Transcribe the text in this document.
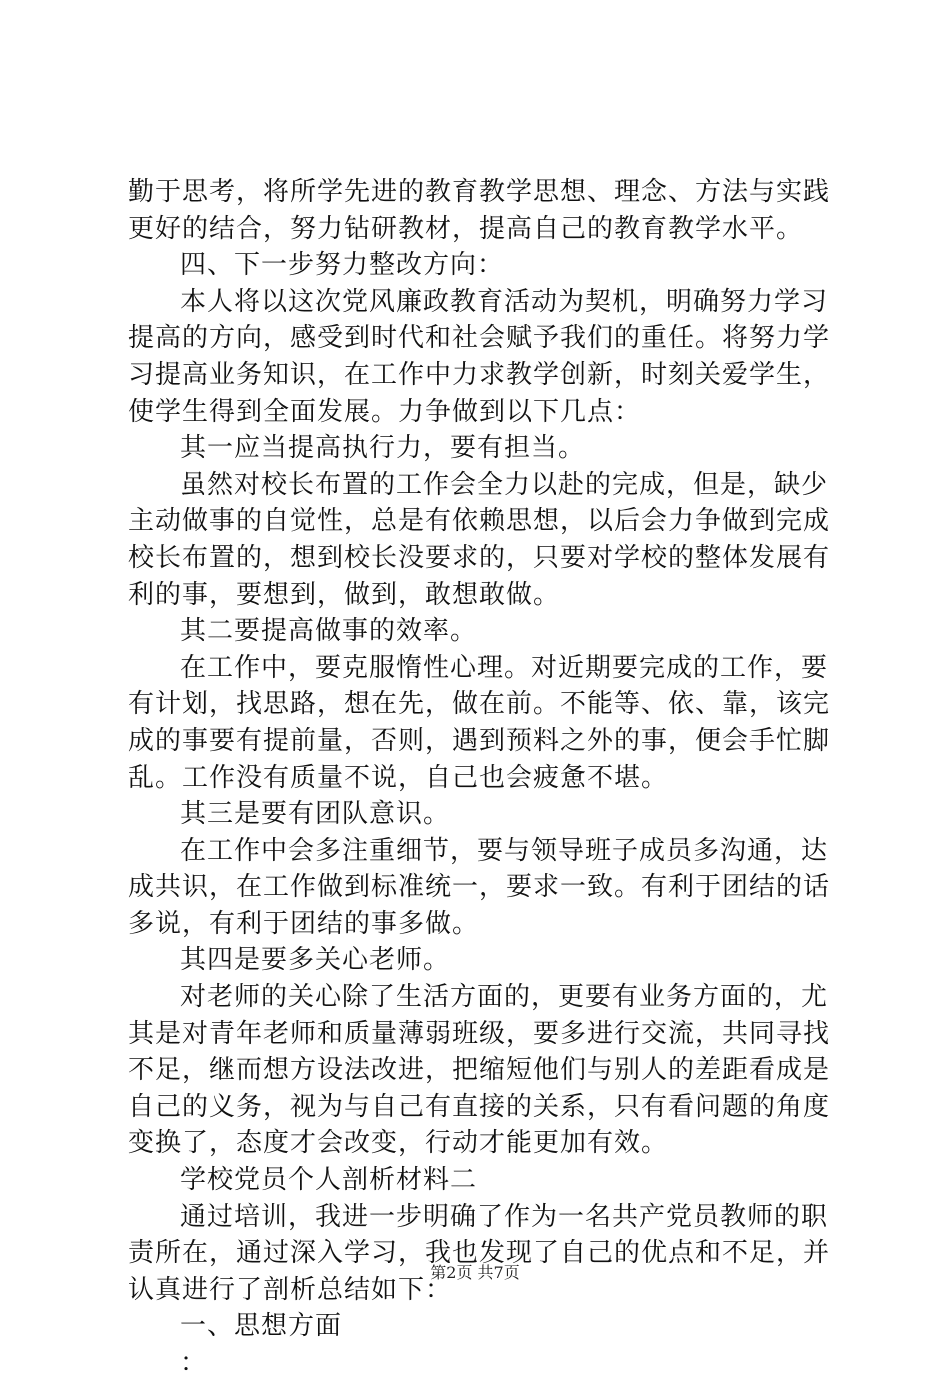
勤于思考，将所学先进的教育教学思想、理念、方法与实践更好的结合，努力钻研教材，提高自己的教育教学水平。

四、下一步努力整改方向：

本人将以这次党风廉政教育活动为契机，明确努力学习提高的方向，感受到时代和社会赋予我们的重任。将努力学习提高业务知识，在工作中力求教学创新，时刻关爱学生，使学生得到全面发展。力争做到以下几点：

其一应当提高执行力，要有担当。

虽然对校长布置的工作会全力以赴的完成，但是，缺少主动做事的自觉性，总是有依赖思想，以后会力争做到完成校长布置的，想到校长没要求的，只要对学校的整体发展有利的事，要想到，做到，敢想敢做。

其二要提高做事的效率。

在工作中，要克服惰性心理。对近期要完成的工作，要有计划，找思路，想在先，做在前。不能等、依、靠，该完成的事要有提前量，否则，遇到预料之外的事，便会手忙脚乱。工作没有质量不说，自己也会疲惫不堪。

其三是要有团队意识。

在工作中会多注重细节，要与领导班子成员多沟通，达成共识，在工作做到标准统一，要求一致。有利于团结的话多说，有利于团结的事多做。

其四是要多关心老师。

对老师的关心除了生活方面的，更要有业务方面的，尤其是对青年老师和质量薄弱班级，要多进行交流，共同寻找不足，继而想方设法改进，把缩短他们与别人的差距看成是自己的义务，视为与自己有直接的关系，只有看问题的角度变换了，态度才会改变，行动才能更加有效。

学校党员个人剖析材料二

通过培训，我进一步明确了作为一名共产党员教师的职责所在，通过深入学习，我也发现了自己的优点和不足，并认真进行了剖析总结如下：

一、思想方面

：

第2页 共7页
